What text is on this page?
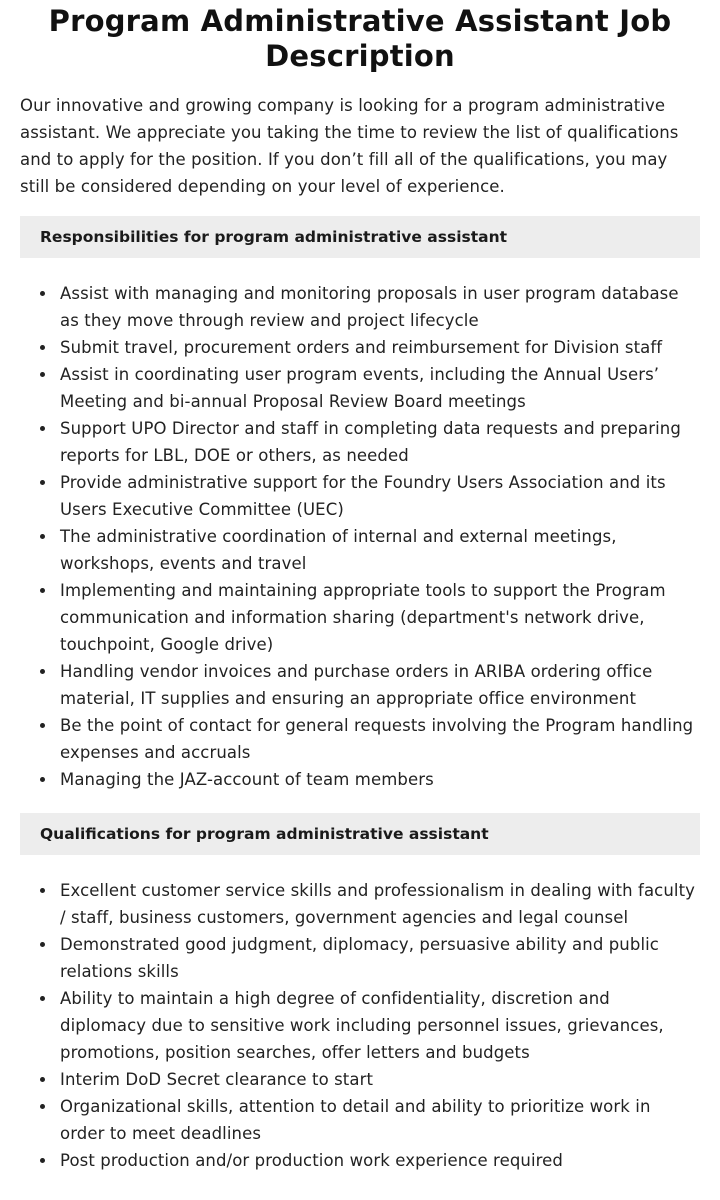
Program Administrative Assistant Job Description

Our innovative and growing company is looking for a program administrative assistant. We appreciate you taking the time to review the list of qualifications and to apply for the position. If you don’t fill all of the qualifications, you may still be considered depending on your level of experience.

Responsibilities for program administrative assistant
Assist with managing and monitoring proposals in user program database as they move through review and project lifecycle
Submit travel, procurement orders and reimbursement for Division staff
Assist in coordinating user program events, including the Annual Users’ Meeting and bi-annual Proposal Review Board meetings
Support UPO Director and staff in completing data requests and preparing reports for LBL, DOE or others, as needed
Provide administrative support for the Foundry Users Association and its Users Executive Committee (UEC)
The administrative coordination of internal and external meetings, workshops, events and travel
Implementing and maintaining appropriate tools to support the Program communication and information sharing (department's network drive, touchpoint, Google drive)
Handling vendor invoices and purchase orders in ARIBA ordering office material, IT supplies and ensuring an appropriate office environment
Be the point of contact for general requests involving the Program handling expenses and accruals
Managing the JAZ-account of team members
Qualifications for program administrative assistant
Excellent customer service skills and professionalism in dealing with faculty / staff, business customers, government agencies and legal counsel
Demonstrated good judgment, diplomacy, persuasive ability and public relations skills
Ability to maintain a high degree of confidentiality, discretion and diplomacy due to sensitive work including personnel issues, grievances, promotions, position searches, offer letters and budgets
Interim DoD Secret clearance to start
Organizational skills, attention to detail and ability to prioritize work in order to meet deadlines
Post production and/or production work experience required
